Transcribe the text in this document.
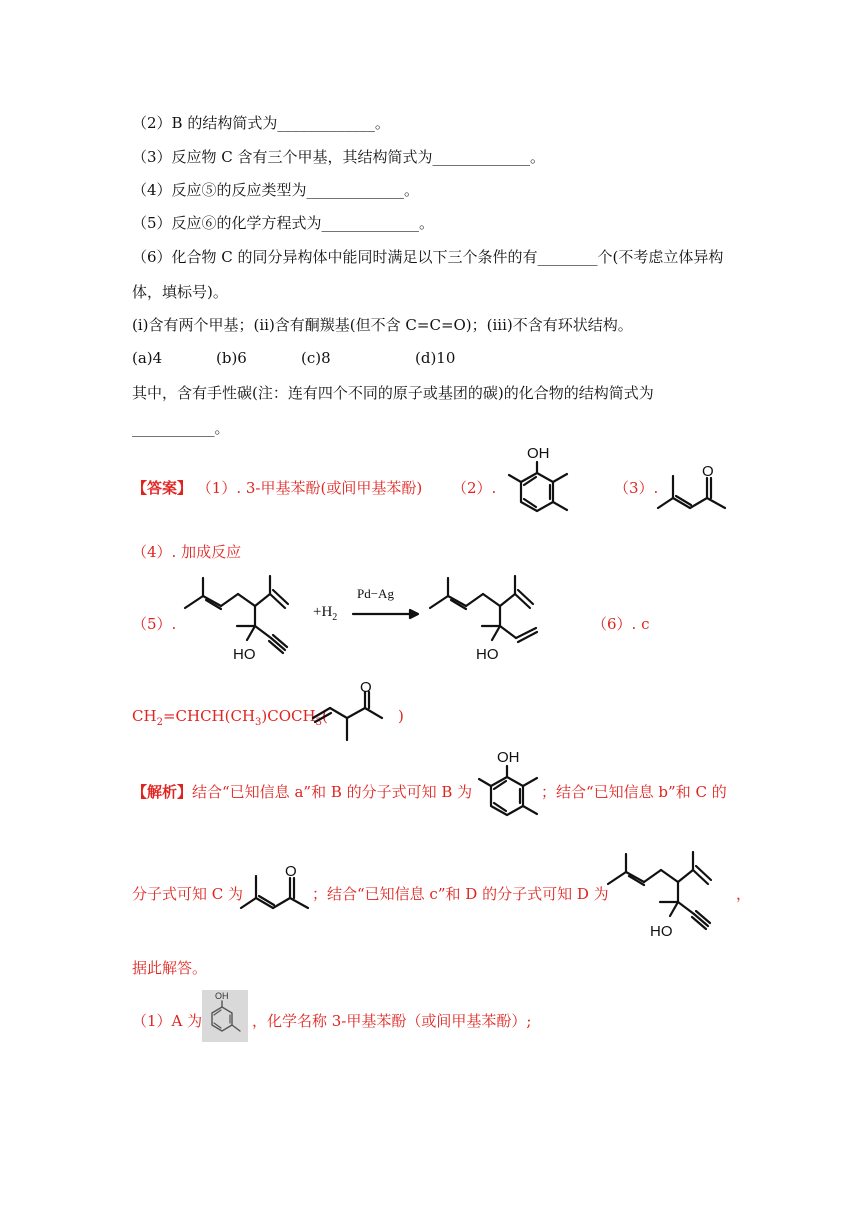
（2）B 的结构简式为_____________。
（3）反应物 C 含有三个甲基，其结构简式为_____________。
（4）反应⑤的反应类型为_____________。
（5）反应⑥的化学方程式为_____________。
（6）化合物 C 的同分异构体中能同时满足以下三个条件的有________个(不考虑立体异构
体，填标号)。
(i)含有两个甲基；(ii)含有酮羰基(但不含 C=C=O)；(iii)不含有环状结构。
(a)4	(b)6	(c)8	(d)10
其中，含有手性碳(注：连有四个不同的原子或基团的碳)的化合物的结构简式为
___________。
【答案】 （1）. 3-甲基苯酚(或间甲基苯酚) （2）.	（3）.
OH
O
（4）. 加成反应
（5）.
HO
$+H_2$
Pd−Ag
HO
（6）. c
$CH_2=CHCH(CH_3)COCH_3$(
O
)
【解析】结合“已知信息 a”和 B 的分子式可知 B 为
OH
；结合“已知信息 b”和 C 的
分子式可知 C 为
O
；结合“已知信息 c”和 D 的分子式可知 D 为
HO
，
据此解答。
（1）A 为
OH
，化学名称 3-甲基苯酚（或间甲基苯酚）;
